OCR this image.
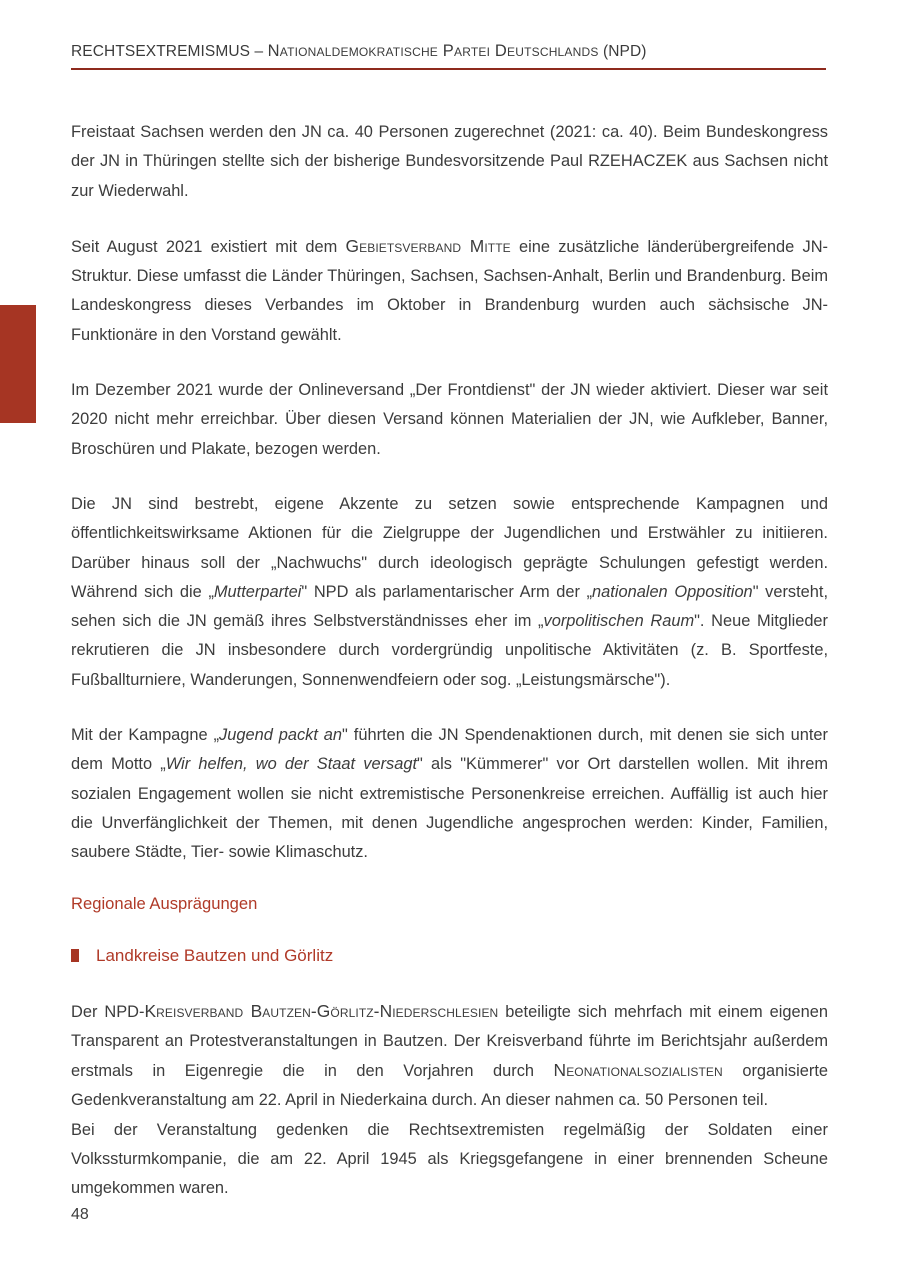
RECHTSEXTREMISMUS – Nationaldemokratische Partei Deutschlands (NPD)

Freistaat Sachsen werden den JN ca. 40 Personen zugerechnet (2021: ca. 40). Beim Bundeskongress der JN in Thüringen stellte sich der bisherige Bundesvorsitzende Paul RZEHACZEK aus Sachsen nicht zur Wiederwahl.

Seit August 2021 existiert mit dem Gebietsverband Mitte eine zusätzliche länderübergreifende JN-Struktur. Diese umfasst die Länder Thüringen, Sachsen, Sachsen-Anhalt, Berlin und Brandenburg. Beim Landeskongress dieses Verbandes im Oktober in Brandenburg wurden auch sächsische JN-Funktionäre in den Vorstand gewählt.

Im Dezember 2021 wurde der Onlineversand „Der Frontdienst" der JN wieder aktiviert. Dieser war seit 2020 nicht mehr erreichbar. Über diesen Versand können Materialien der JN, wie Aufkleber, Banner, Broschüren und Plakate, bezogen werden.

Die JN sind bestrebt, eigene Akzente zu setzen sowie entsprechende Kampagnen und öffentlichkeitswirksame Aktionen für die Zielgruppe der Jugendlichen und Erstwähler zu initiieren. Darüber hinaus soll der „Nachwuchs" durch ideologisch geprägte Schulungen gefestigt werden. Während sich die „Mutterpartei" NPD als parlamentarischer Arm der „nationalen Opposition" versteht, sehen sich die JN gemäß ihres Selbstverständnisses eher im „vorpolitischen Raum". Neue Mitglieder rekrutieren die JN insbesondere durch vordergründig unpolitische Aktivitäten (z. B. Sportfeste, Fußballturniere, Wanderungen, Sonnenwendfeiern oder sog. „Leistungsmärsche").

Mit der Kampagne „Jugend packt an" führten die JN Spendenaktionen durch, mit denen sie sich unter dem Motto „Wir helfen, wo der Staat versagt" als "Kümmerer" vor Ort darstellen wollen. Mit ihrem sozialen Engagement wollen sie nicht extremistische Personenkreise erreichen. Auffällig ist auch hier die Unverfänglichkeit der Themen, mit denen Jugendliche angesprochen werden: Kinder, Familien, saubere Städte, Tier- sowie Klimaschutz.

Regionale Ausprägungen
Landkreise Bautzen und Görlitz

Der NPD-Kreisverband Bautzen-Görlitz-Niederschlesien beteiligte sich mehrfach mit einem eigenen Transparent an Protestveranstaltungen in Bautzen. Der Kreisverband führte im Berichtsjahr außerdem erstmals in Eigenregie die in den Vorjahren durch Neonationalsozialisten organisierte Gedenkveranstaltung am 22. April in Niederkaina durch. An dieser nahmen ca. 50 Personen teil.

Bei der Veranstaltung gedenken die Rechtsextremisten regelmäßig der Soldaten einer Volkssturmkompanie, die am 22. April 1945 als Kriegsgefangene in einer brennenden Scheune umgekommen waren.

48
